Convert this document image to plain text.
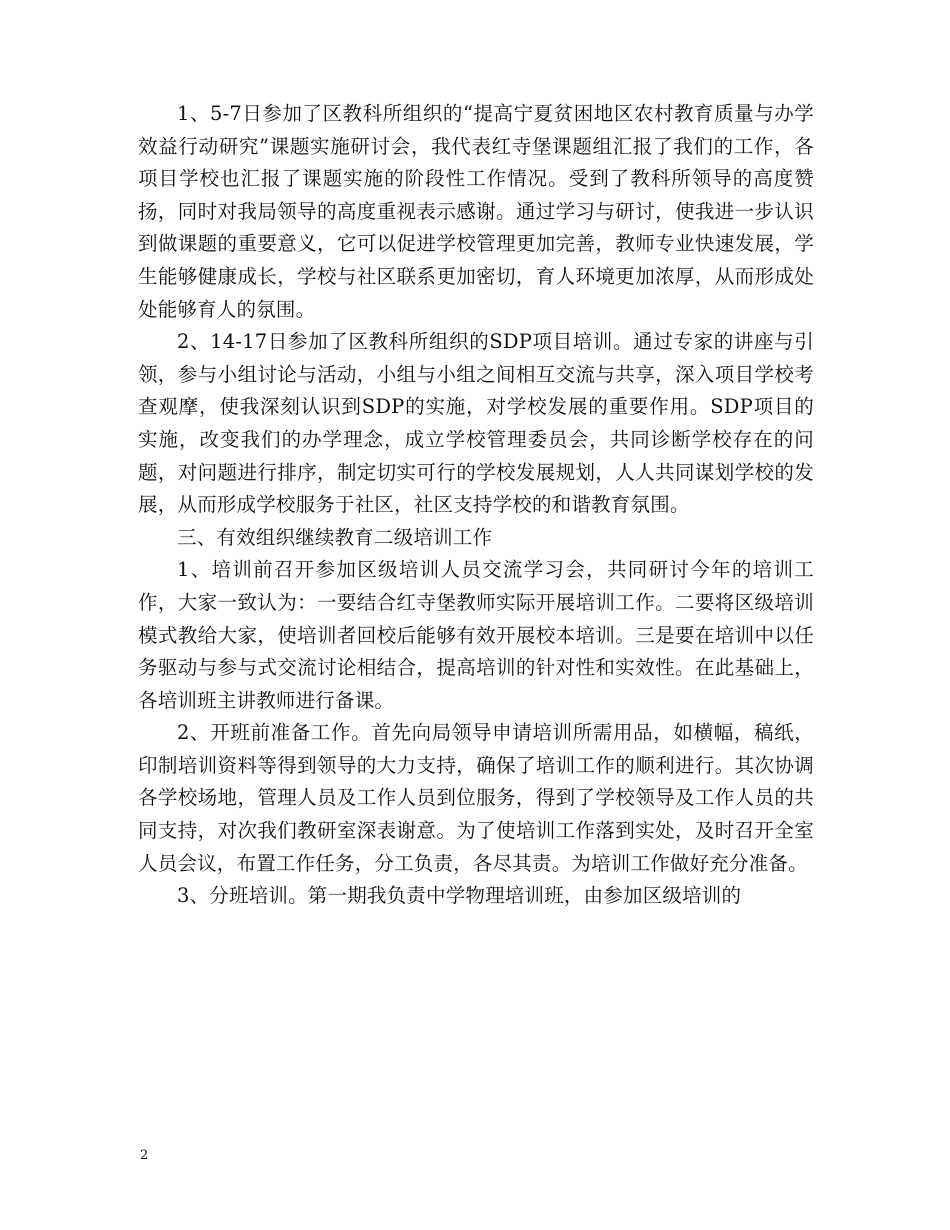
1、5-7日参加了区教科所组织的“提高宁夏贫困地区农村教育质量与办学效益行动研究”课题实施研讨会，我代表红寺堡课题组汇报了我们的工作，各项目学校也汇报了课题实施的阶段性工作情况。受到了教科所领导的高度赞扬，同时对我局领导的高度重视表示感谢。通过学习与研讨，使我进一步认识到做课题的重要意义，它可以促进学校管理更加完善，教师专业快速发展，学生能够健康成长，学校与社区联系更加密切，育人环境更加浓厚，从而形成处处能够育人的氛围。

2、14-17日参加了区教科所组织的SDP项目培训。通过专家的讲座与引领，参与小组讨论与活动，小组与小组之间相互交流与共享，深入项目学校考查观摩，使我深刻认识到SDP的实施，对学校发展的重要作用。SDP项目的实施，改变我们的办学理念，成立学校管理委员会，共同诊断学校存在的问题，对问题进行排序，制定切实可行的学校发展规划，人人共同谋划学校的发展，从而形成学校服务于社区，社区支持学校的和谐教育氛围。

三、有效组织继续教育二级培训工作

1、培训前召开参加区级培训人员交流学习会，共同研讨今年的培训工作，大家一致认为：一要结合红寺堡教师实际开展培训工作。二要将区级培训模式教给大家，使培训者回校后能够有效开展校本培训。三是要在培训中以任务驱动与参与式交流讨论相结合，提高培训的针对性和实效性。在此基础上，各培训班主讲教师进行备课。

2、开班前准备工作。首先向局领导申请培训所需用品，如横幅，稿纸，印制培训资料等得到领导的大力支持，确保了培训工作的顺利进行。其次协调各学校场地，管理人员及工作人员到位服务，得到了学校领导及工作人员的共同支持，对次我们教研室深表谢意。为了使培训工作落到实处，及时召开全室人员会议，布置工作任务，分工负责，各尽其责。为培训工作做好充分准备。

3、分班培训。第一期我负责中学物理培训班，由参加区级培训的

2
